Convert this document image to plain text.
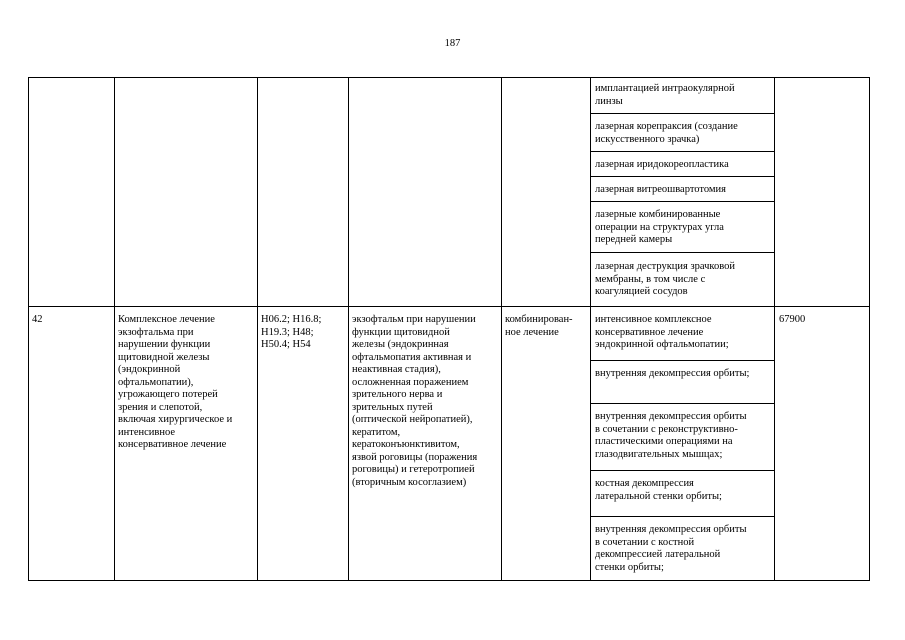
187
имплантацией интраокулярной
линзы
лазерная корепраксия (создание
искусственного зрачка)
лазерная иридокореопластика
лазерная витреошвартотомия
лазерные комбинированные
операции на структурах угла
передней камеры
лазерная деструкция зрачковой
мембраны, в том числе с
коагуляцией сосудов
42	Комплексное лечение
экзофтальма при
нарушении функции
щитовидной железы
(эндокринной
офтальмопатии),
угрожающего потерей
зрения и слепотой,
включая хирургическое и
интенсивное
консервативное лечение
H06.2; H16.8;
H19.3; H48;
H50.4; H54
экзофтальм при нарушении
функции щитовидной
железы (эндокринная
офтальмопатия активная и
неактивная стадия),
осложненная поражением
зрительного нерва и
зрительных путей
(оптической нейропатией),
кератитом,
кератоконъюнктивитом,
язвой роговицы (поражения
роговицы) и гетеротропией
(вторичным косоглазием)
комбинирован-
ное лечение
интенсивное комплексное
консервативное лечение
эндокринной офтальмопатии;
внутренняя декомпрессия орбиты;
внутренняя декомпрессия орбиты
в сочетании с реконструктивно-
пластическими операциями на
глазодвигательных мышцах;
костная декомпрессия
латеральной стенки орбиты;
внутренняя декомпрессия орбиты
в сочетании с костной
декомпрессией латеральной
стенки орбиты;
67900
